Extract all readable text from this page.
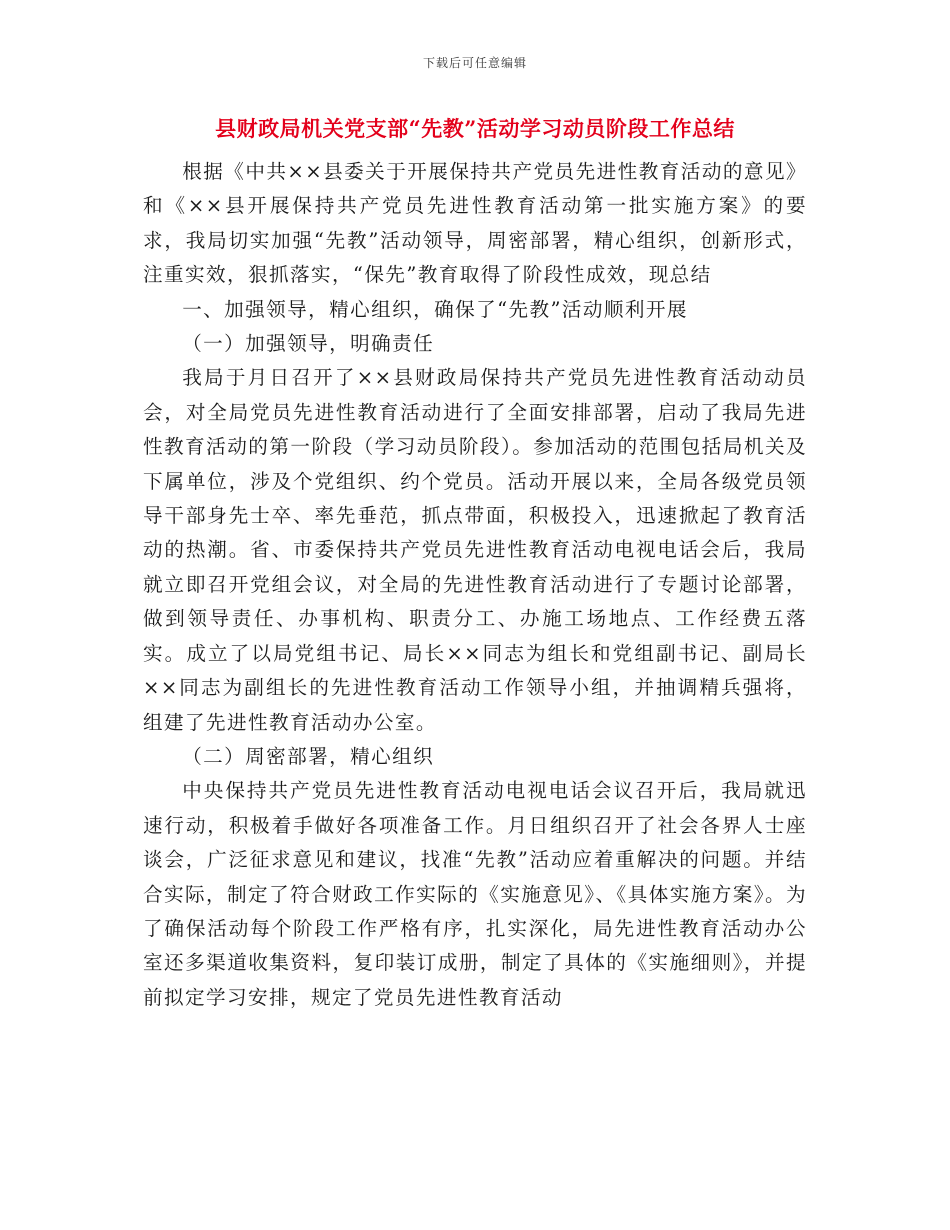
下载后可任意编辑
县财政局机关党支部“先教”活动学习动员阶段工作总结

根据《中共××县委关于开展保持共产党员先进性教育活动的意见》和《××县开展保持共产党员先进性教育活动第一批实施方案》的要求，我局切实加强“先教”活动领导，周密部署，精心组织，创新形式，注重实效，狠抓落实，“保先”教育取得了阶段性成效，现总结

一、加强领导，精心组织，确保了“先教”活动顺利开展

（一）加强领导，明确责任

我局于月日召开了××县财政局保持共产党员先进性教育活动动员会，对全局党员先进性教育活动进行了全面安排部署，启动了我局先进性教育活动的第一阶段（学习动员阶段）。参加活动的范围包括局机关及下属单位，涉及个党组织、约个党员。活动开展以来，全局各级党员领导干部身先士卒、率先垂范，抓点带面，积极投入，迅速掀起了教育活动的热潮。省、市委保持共产党员先进性教育活动电视电话会后，我局就立即召开党组会议，对全局的先进性教育活动进行了专题讨论部署，做到领导责任、办事机构、职责分工、办施工场地点、工作经费五落实。成立了以局党组书记、局长××同志为组长和党组副书记、副局长××同志为副组长的先进性教育活动工作领导小组，并抽调精兵强将，组建了先进性教育活动办公室。

（二）周密部署，精心组织

中央保持共产党员先进性教育活动电视电话会议召开后，我局就迅速行动，积极着手做好各项准备工作。月日组织召开了社会各界人士座谈会，广泛征求意见和建议，找准“先教”活动应着重解决的问题。并结合实际，制定了符合财政工作实际的《实施意见》、《具体实施方案》。为了确保活动每个阶段工作严格有序，扎实深化，局先进性教育活动办公室还多渠道收集资料，复印装订成册，制定了具体的《实施细则》，并提前拟定学习安排，规定了党员先进性教育活动
